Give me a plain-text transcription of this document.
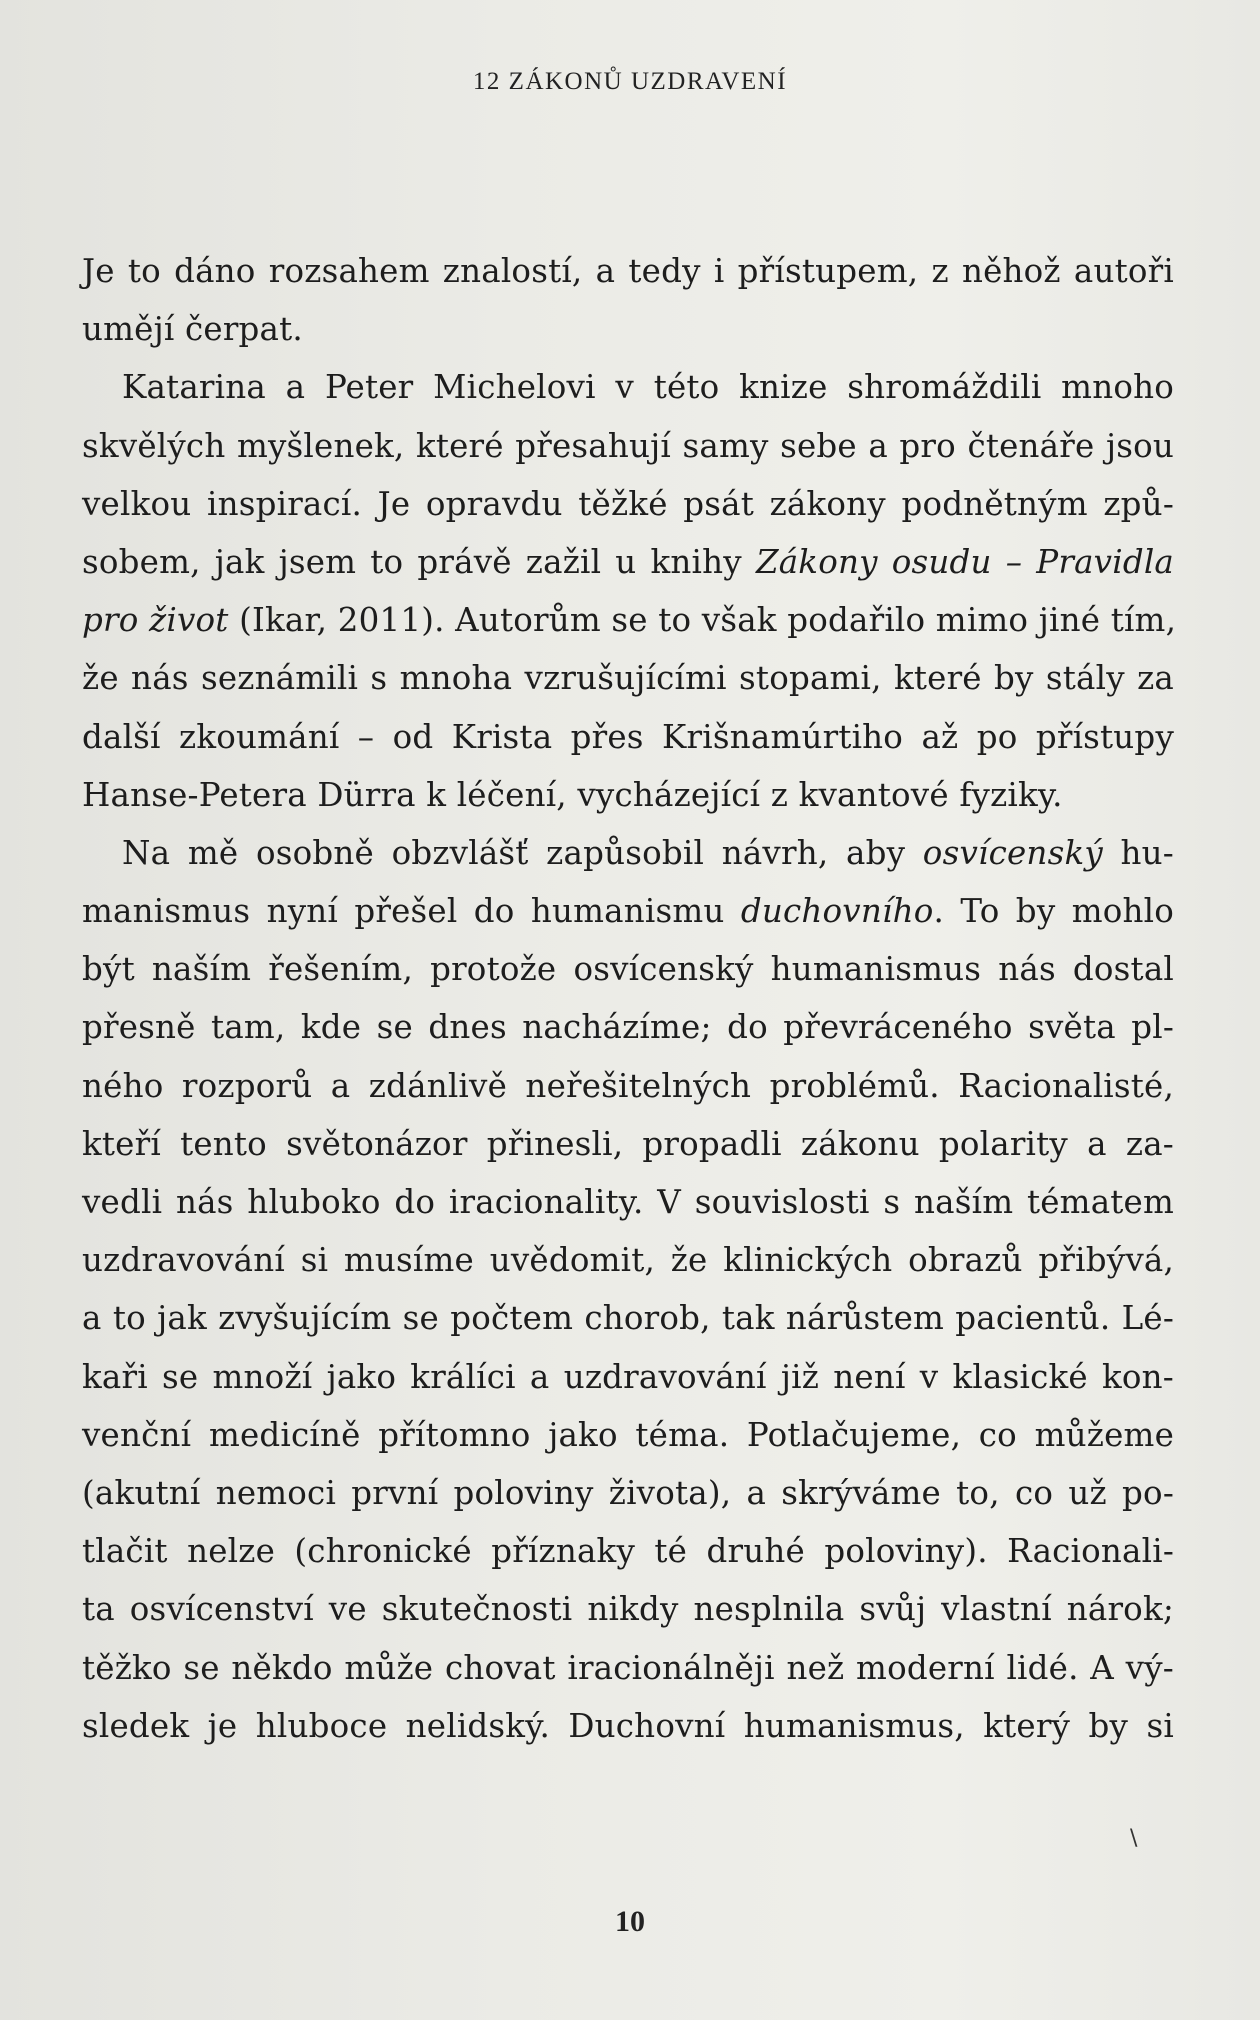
12 ZÁKONŮ UZDRAVENÍ
Je to dáno rozsahem znalostí, a tedy i přístupem, z něhož autoři
umějí čerpat.
Katarina a Peter Michelovi v této knize shromáždili mnoho
skvělých myšlenek, které přesahují samy sebe a pro čtenáře jsou
velkou inspirací. Je opravdu těžké psát zákony podnětným způ-
sobem, jak jsem to právě zažil u knihy Zákony osudu – Pravidla
pro život (Ikar, 2011). Autorům se to však podařilo mimo jiné tím,
že nás seznámili s mnoha vzrušujícími stopami, které by stály za
další zkoumání – od Krista přes Krišnamúrtiho až po přístupy
Hanse-Petera Dürra k léčení, vycházející z kvantové fyziky.
Na mě osobně obzvlášť zapůsobil návrh, aby osvícenský hu-
manismus nyní přešel do humanismu duchovního. To by mohlo
být naším řešením, protože osvícenský humanismus nás dostal
přesně tam, kde se dnes nacházíme; do převráceného světa pl-
ného rozporů a zdánlivě neřešitelných problémů. Racionalisté,
kteří tento světonázor přinesli, propadli zákonu polarity a za-
vedli nás hluboko do iracionality. V souvislosti s naším tématem
uzdravování si musíme uvědomit, že klinických obrazů přibývá,
a to jak zvyšujícím se počtem chorob, tak nárůstem pacientů. Lé-
kaři se množí jako králíci a uzdravování již není v klasické kon-
venční medicíně přítomno jako téma. Potlačujeme, co můžeme
(akutní nemoci první poloviny života), a skrýváme to, co už po-
tlačit nelze (chronické příznaky té druhé poloviny). Racionali-
ta osvícenství ve skutečnosti nikdy nesplnila svůj vlastní nárok;
těžko se někdo může chovat iracionálněji než moderní lidé. A vý-
sledek je hluboce nelidský. Duchovní humanismus, který by si
\
10
